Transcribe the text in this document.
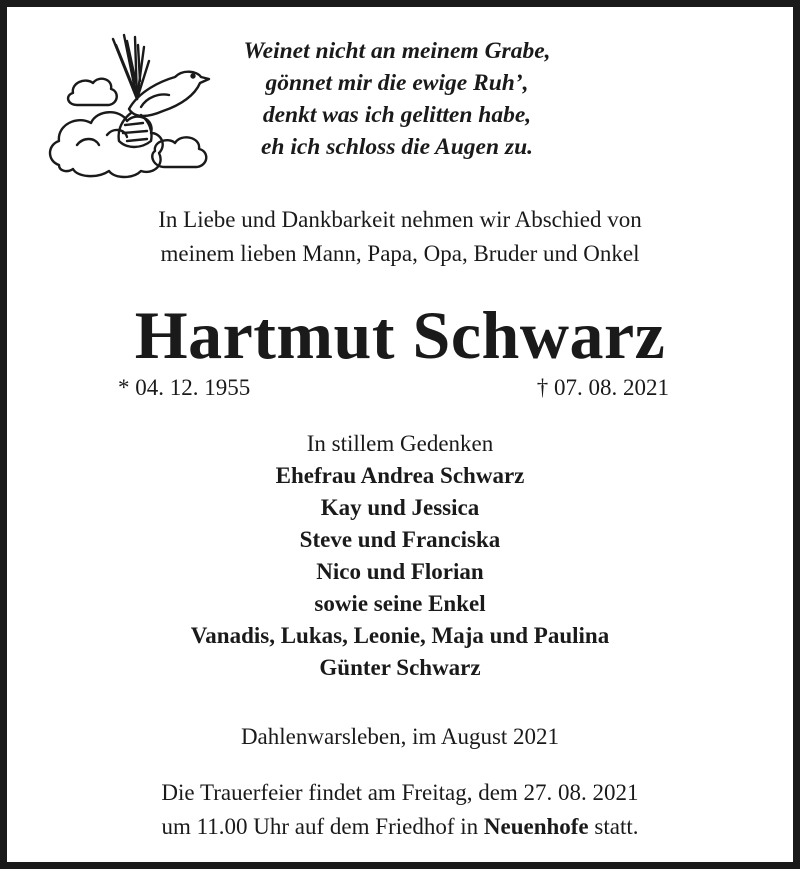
Weinet nicht an meinem Grabe,
gönnet mir die ewige Ruh’,
denkt was ich gelitten habe,
eh ich schloss die Augen zu.
In Liebe und Dankbarkeit nehmen wir Abschied von
meinem lieben Mann, Papa, Opa, Bruder und Onkel
Hartmut Schwarz
* 04. 12. 1955	† 07. 08. 2021
In stillem Gedenken
Ehefrau Andrea Schwarz
Kay und Jessica
Steve und Franciska
Nico und Florian
sowie seine Enkel
Vanadis, Lukas, Leonie, Maja und Paulina
Günter Schwarz
Dahlenwarsleben, im August 2021
Die Trauerfeier findet am Freitag, dem 27. 08. 2021
um 11.00 Uhr auf dem Friedhof in Neuenhofe statt.
